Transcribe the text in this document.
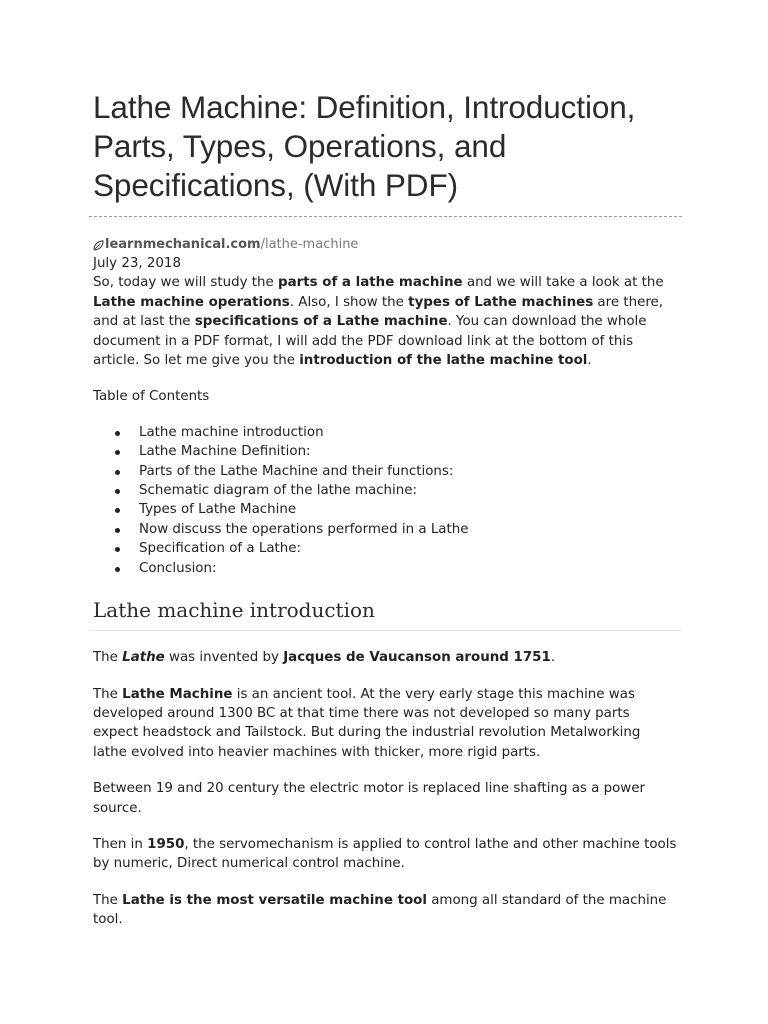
Lathe Machine: Definition, Introduction, Parts, Types, Operations, and Specifications, (With PDF)
learnmechanical.com /lathe-machine

July 23, 2018

So, today we will study the parts of a lathe machine and we will take a look at the Lathe machine operations. Also, I show the types of Lathe machines are there, and at last the specifications of a Lathe machine. You can download the whole document in a PDF format, I will add the PDF download link at the bottom of this article. So let me give you the introduction of the lathe machine tool.

Table of Contents

Lathe machine introduction
Lathe Machine Definition:
Parts of the Lathe Machine and their functions:
Schematic diagram of the lathe machine:
Types of Lathe Machine
Now discuss the operations performed in a Lathe
Specification of a Lathe:
Conclusion:
Lathe machine introduction

The Lathe was invented by Jacques de Vaucanson around 1751.

The Lathe Machine is an ancient tool. At the very early stage this machine was developed around 1300 BC at that time there was not developed so many parts expect headstock and Tailstock. But during the industrial revolution Metalworking lathe evolved into heavier machines with thicker, more rigid parts.

Between 19 and 20 century the electric motor is replaced line shafting as a power source.

Then in 1950, the servomechanism is applied to control lathe and other machine tools by numeric, Direct numerical control machine.

The Lathe is the most versatile machine tool among all standard of the machine tool.
